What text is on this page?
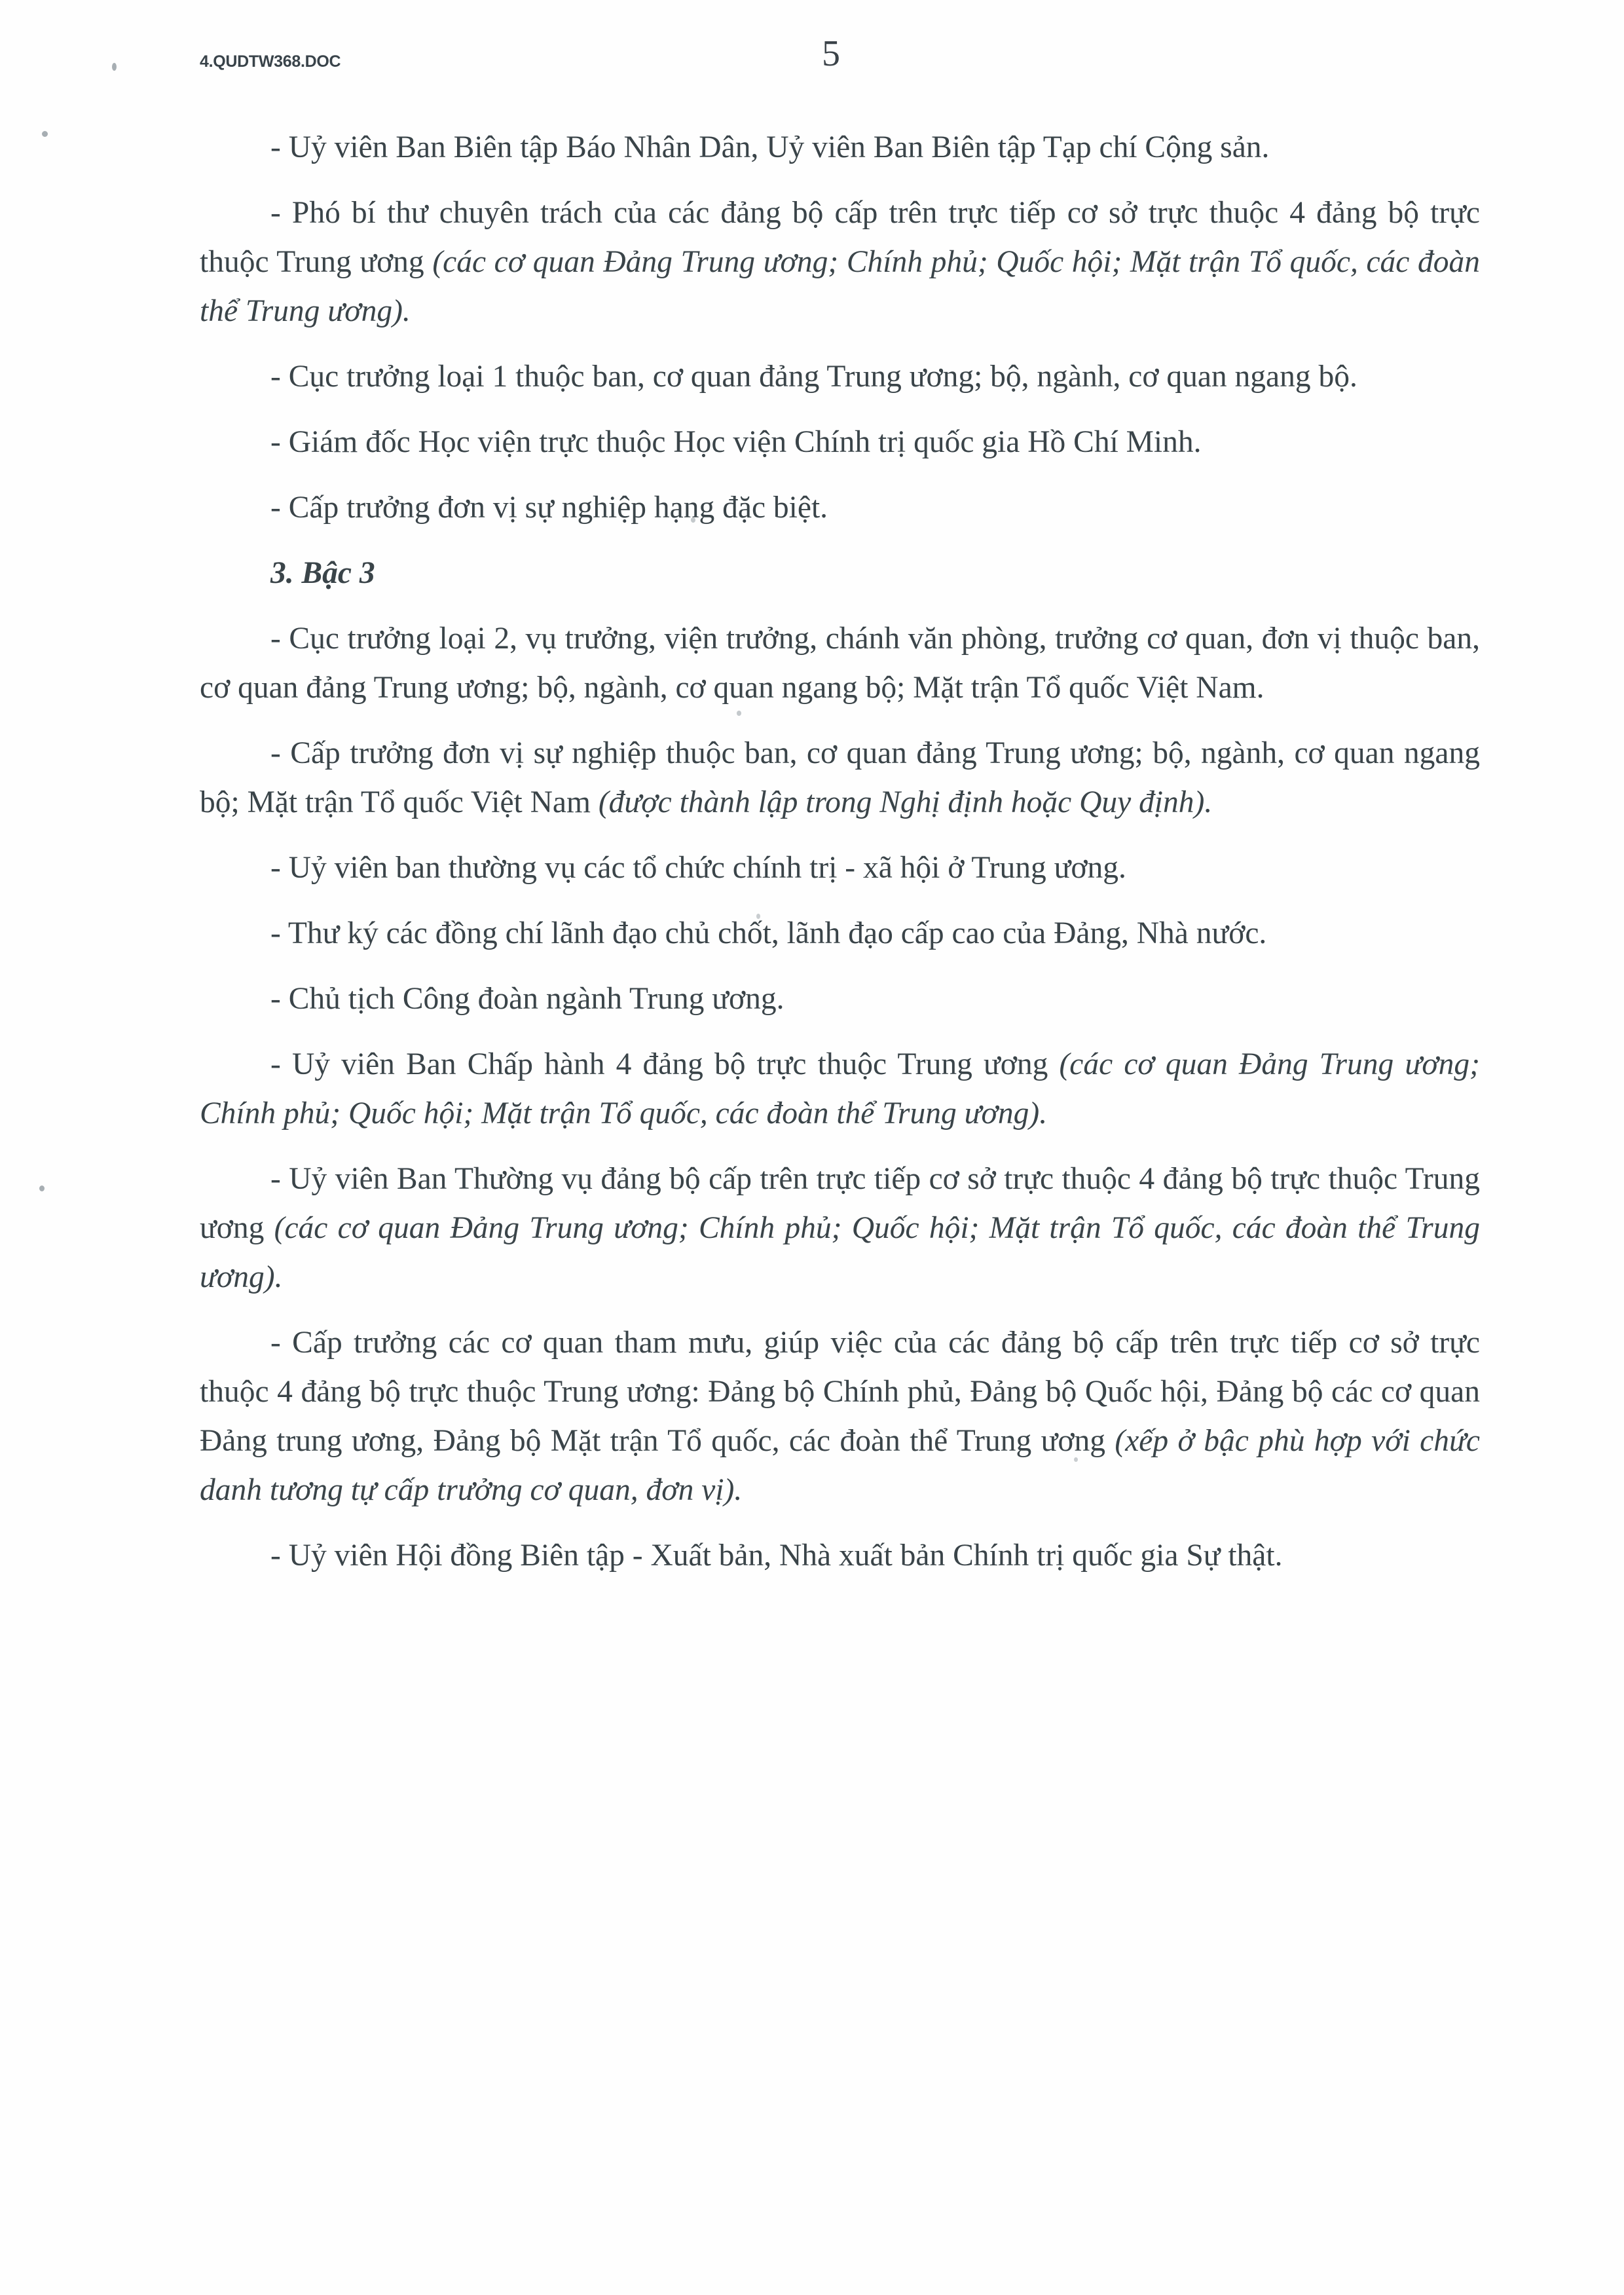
4.QUDTW368.DOC	5

- Uỷ viên Ban Biên tập Báo Nhân Dân, Uỷ viên Ban Biên tập Tạp chí Cộng sản.

- Phó bí thư chuyên trách của các đảng bộ cấp trên trực tiếp cơ sở trực thuộc 4 đảng bộ trực thuộc Trung ương (các cơ quan Đảng Trung ương; Chính phủ; Quốc hội; Mặt trận Tổ quốc, các đoàn thể Trung ương).

- Cục trưởng loại 1 thuộc ban, cơ quan đảng Trung ương; bộ, ngành, cơ quan ngang bộ.

- Giám đốc Học viện trực thuộc Học viện Chính trị quốc gia Hồ Chí Minh.

- Cấp trưởng đơn vị sự nghiệp hạng đặc biệt.

3. Bậc 3

- Cục trưởng loại 2, vụ trưởng, viện trưởng, chánh văn phòng, trưởng cơ quan, đơn vị thuộc ban, cơ quan đảng Trung ương; bộ, ngành, cơ quan ngang bộ; Mặt trận Tổ quốc Việt Nam.

- Cấp trưởng đơn vị sự nghiệp thuộc ban, cơ quan đảng Trung ương; bộ, ngành, cơ quan ngang bộ; Mặt trận Tổ quốc Việt Nam (được thành lập trong Nghị định hoặc Quy định).

- Uỷ viên ban thường vụ các tổ chức chính trị - xã hội ở Trung ương.

- Thư ký các đồng chí lãnh đạo chủ chốt, lãnh đạo cấp cao của Đảng, Nhà nước.

- Chủ tịch Công đoàn ngành Trung ương.

- Uỷ viên Ban Chấp hành 4 đảng bộ trực thuộc Trung ương (các cơ quan Đảng Trung ương; Chính phủ; Quốc hội; Mặt trận Tổ quốc, các đoàn thể Trung ương).

- Uỷ viên Ban Thường vụ đảng bộ cấp trên trực tiếp cơ sở trực thuộc 4 đảng bộ trực thuộc Trung ương (các cơ quan Đảng Trung ương; Chính phủ; Quốc hội; Mặt trận Tổ quốc, các đoàn thể Trung ương).

- Cấp trưởng các cơ quan tham mưu, giúp việc của các đảng bộ cấp trên trực tiếp cơ sở trực thuộc 4 đảng bộ trực thuộc Trung ương: Đảng bộ Chính phủ, Đảng bộ Quốc hội, Đảng bộ các cơ quan Đảng trung ương, Đảng bộ Mặt trận Tổ quốc, các đoàn thể Trung ương (xếp ở bậc phù hợp với chức danh tương tự cấp trưởng cơ quan, đơn vị).

- Uỷ viên Hội đồng Biên tập - Xuất bản, Nhà xuất bản Chính trị quốc gia Sự thật.
